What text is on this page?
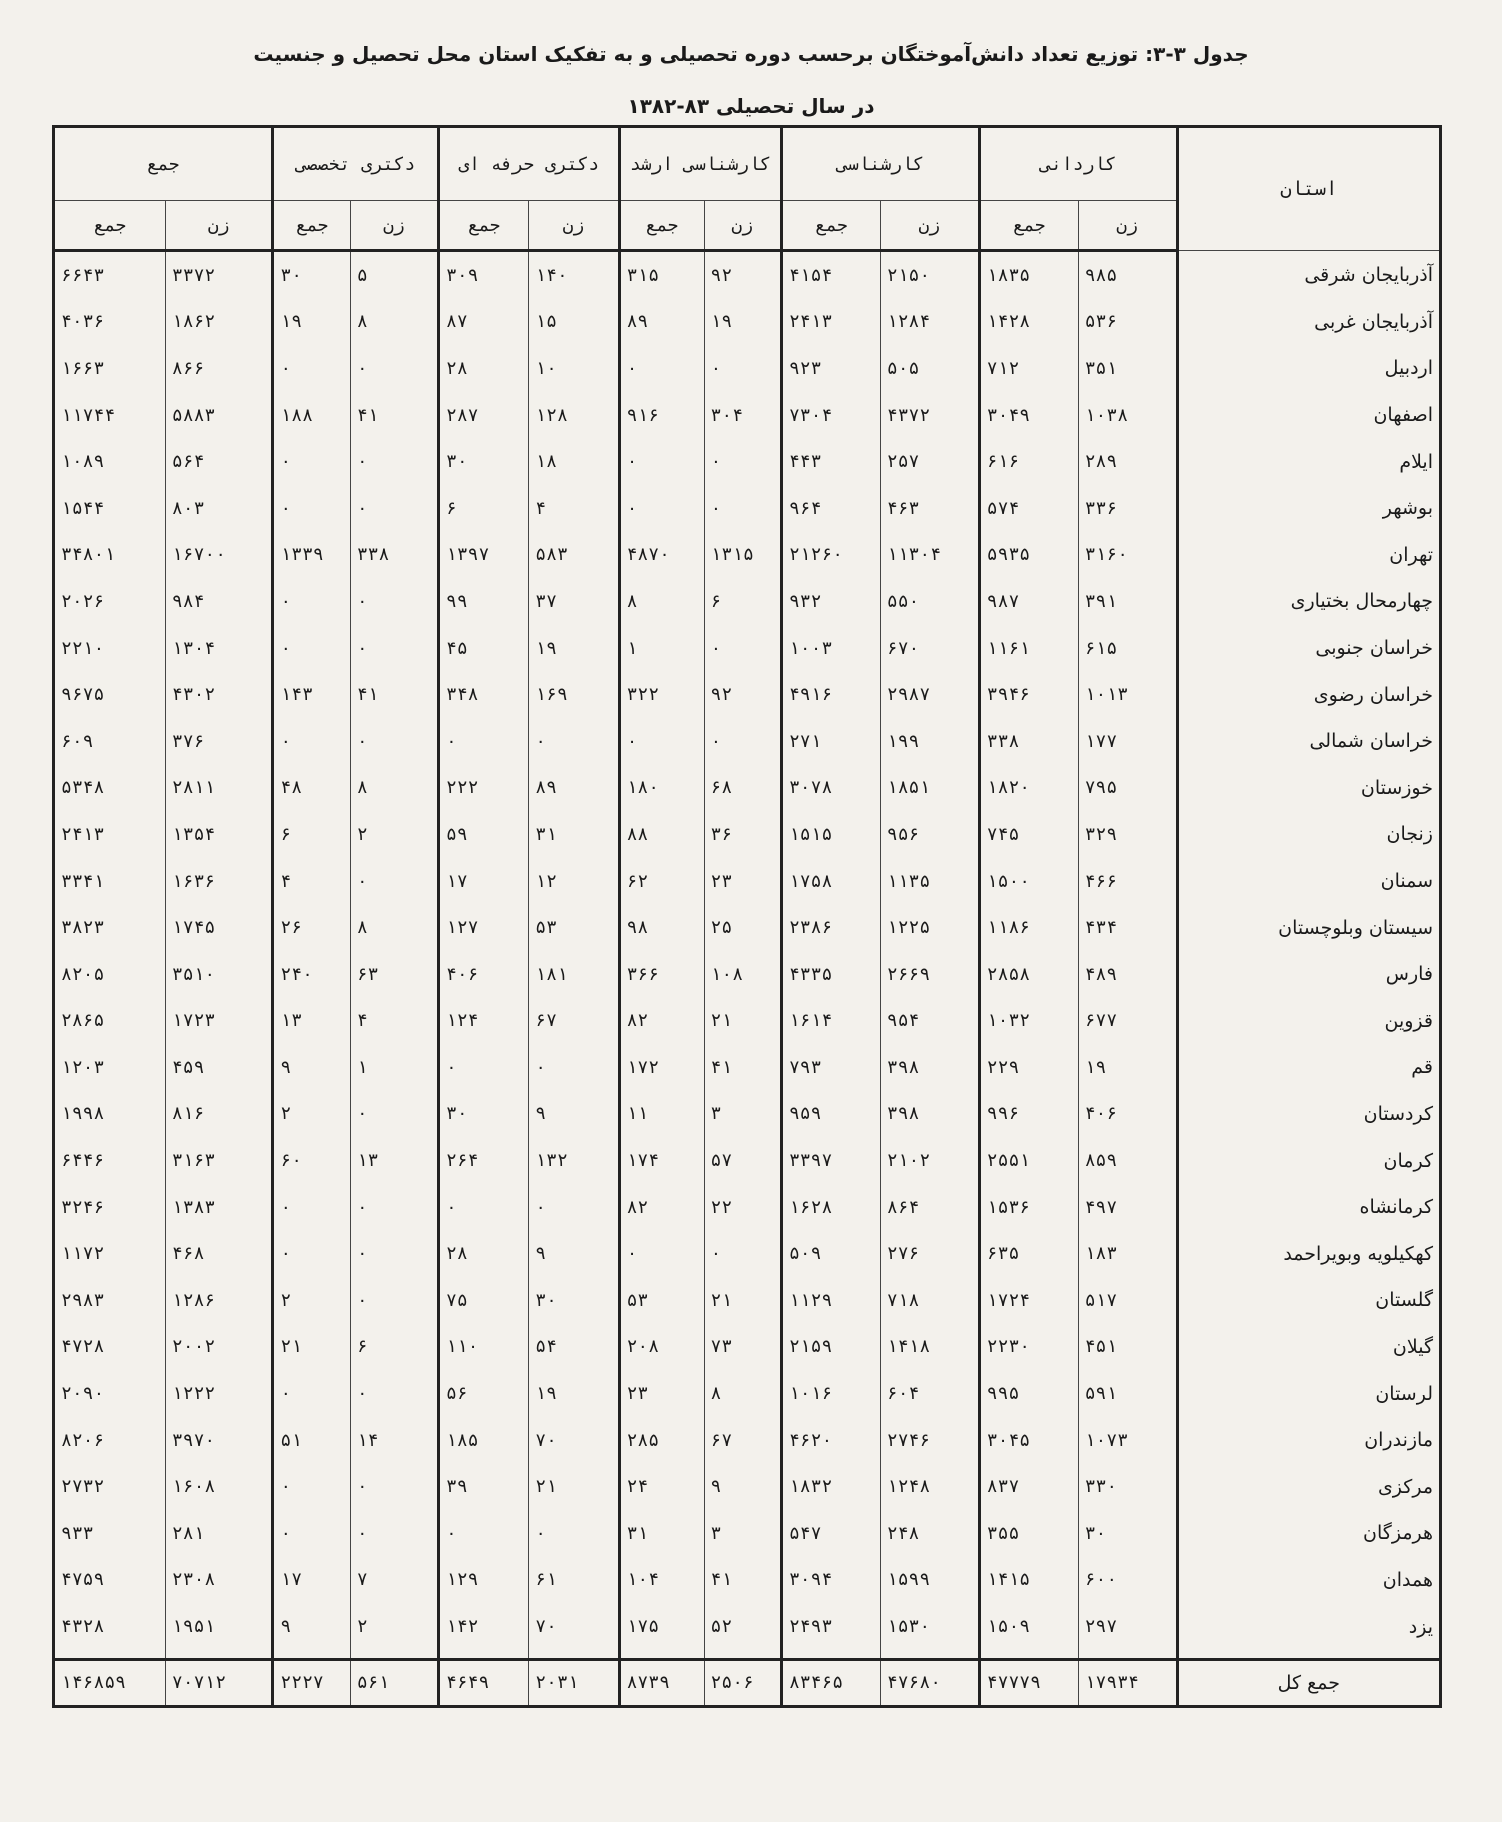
جدول ۳-۳: توزیع تعداد دانش‌آموختگان برحسب دوره تحصیلی و به تفکیک استان محل تحصیل و جنسیت
در سال تحصیلی ۸۳-۱۳۸۲
استان	کاردانی		کارشناسی		کارشناسی ارشد		دکتری حرفه ای		دکتری تخصصی		جمع	
	زن	جمع	زن	جمع	زن	جمع	زن	جمع	زن	جمع	زن	جمع
آذربایجان شرقی	۹۸۵	۱۸۳۵	۲۱۵۰	۴۱۵۴	۹۲	۳۱۵	۱۴۰	۳۰۹	۵	۳۰	۳۳۷۲	۶۶۴۳
آذربایجان غربی	۵۳۶	۱۴۲۸	۱۲۸۴	۲۴۱۳	۱۹	۸۹	۱۵	۸۷	۸	۱۹	۱۸۶۲	۴۰۳۶
اردبیل	۳۵۱	۷۱۲	۵۰۵	۹۲۳	۰	۰	۱۰	۲۸	۰	۰	۸۶۶	۱۶۶۳
اصفهان	۱۰۳۸	۳۰۴۹	۴۳۷۲	۷۳۰۴	۳۰۴	۹۱۶	۱۲۸	۲۸۷	۴۱	۱۸۸	۵۸۸۳	۱۱۷۴۴
ایلام	۲۸۹	۶۱۶	۲۵۷	۴۴۳	۰	۰	۱۸	۳۰	۰	۰	۵۶۴	۱۰۸۹
بوشهر	۳۳۶	۵۷۴	۴۶۳	۹۶۴	۰	۰	۴	۶	۰	۰	۸۰۳	۱۵۴۴
تهران	۳۱۶۰	۵۹۳۵	۱۱۳۰۴	۲۱۲۶۰	۱۳۱۵	۴۸۷۰	۵۸۳	۱۳۹۷	۳۳۸	۱۳۳۹	۱۶۷۰۰	۳۴۸۰۱
چهارمحال بختیاری	۳۹۱	۹۸۷	۵۵۰	۹۳۲	۶	۸	۳۷	۹۹	۰	۰	۹۸۴	۲۰۲۶
خراسان جنوبی	۶۱۵	۱۱۶۱	۶۷۰	۱۰۰۳	۰	۱	۱۹	۴۵	۰	۰	۱۳۰۴	۲۲۱۰
خراسان رضوی	۱۰۱۳	۳۹۴۶	۲۹۸۷	۴۹۱۶	۹۲	۳۲۲	۱۶۹	۳۴۸	۴۱	۱۴۳	۴۳۰۲	۹۶۷۵
خراسان شمالی	۱۷۷	۳۳۸	۱۹۹	۲۷۱	۰	۰	۰	۰	۰	۰	۳۷۶	۶۰۹
خوزستان	۷۹۵	۱۸۲۰	۱۸۵۱	۳۰۷۸	۶۸	۱۸۰	۸۹	۲۲۲	۸	۴۸	۲۸۱۱	۵۳۴۸
زنجان	۳۲۹	۷۴۵	۹۵۶	۱۵۱۵	۳۶	۸۸	۳۱	۵۹	۲	۶	۱۳۵۴	۲۴۱۳
سمنان	۴۶۶	۱۵۰۰	۱۱۳۵	۱۷۵۸	۲۳	۶۲	۱۲	۱۷	۰	۴	۱۶۳۶	۳۳۴۱
سیستان وبلوچستان	۴۳۴	۱۱۸۶	۱۲۲۵	۲۳۸۶	۲۵	۹۸	۵۳	۱۲۷	۸	۲۶	۱۷۴۵	۳۸۲۳
فارس	۴۸۹	۲۸۵۸	۲۶۶۹	۴۳۳۵	۱۰۸	۳۶۶	۱۸۱	۴۰۶	۶۳	۲۴۰	۳۵۱۰	۸۲۰۵
قزوین	۶۷۷	۱۰۳۲	۹۵۴	۱۶۱۴	۲۱	۸۲	۶۷	۱۲۴	۴	۱۳	۱۷۲۳	۲۸۶۵
قم	۱۹	۲۲۹	۳۹۸	۷۹۳	۴۱	۱۷۲	۰	۰	۱	۹	۴۵۹	۱۲۰۳
کردستان	۴۰۶	۹۹۶	۳۹۸	۹۵۹	۳	۱۱	۹	۳۰	۰	۲	۸۱۶	۱۹۹۸
کرمان	۸۵۹	۲۵۵۱	۲۱۰۲	۳۳۹۷	۵۷	۱۷۴	۱۳۲	۲۶۴	۱۳	۶۰	۳۱۶۳	۶۴۴۶
کرمانشاه	۴۹۷	۱۵۳۶	۸۶۴	۱۶۲۸	۲۲	۸۲	۰	۰	۰	۰	۱۳۸۳	۳۲۴۶
کهکیلویه وبویراحمد	۱۸۳	۶۳۵	۲۷۶	۵۰۹	۰	۰	۹	۲۸	۰	۰	۴۶۸	۱۱۷۲
گلستان	۵۱۷	۱۷۲۴	۷۱۸	۱۱۲۹	۲۱	۵۳	۳۰	۷۵	۰	۲	۱۲۸۶	۲۹۸۳
گیلان	۴۵۱	۲۲۳۰	۱۴۱۸	۲۱۵۹	۷۳	۲۰۸	۵۴	۱۱۰	۶	۲۱	۲۰۰۲	۴۷۲۸
لرستان	۵۹۱	۹۹۵	۶۰۴	۱۰۱۶	۸	۲۳	۱۹	۵۶	۰	۰	۱۲۲۲	۲۰۹۰
مازندران	۱۰۷۳	۳۰۴۵	۲۷۴۶	۴۶۲۰	۶۷	۲۸۵	۷۰	۱۸۵	۱۴	۵۱	۳۹۷۰	۸۲۰۶
مرکزی	۳۳۰	۸۳۷	۱۲۴۸	۱۸۳۲	۹	۲۴	۲۱	۳۹	۰	۰	۱۶۰۸	۲۷۳۲
هرمزگان	۳۰	۳۵۵	۲۴۸	۵۴۷	۳	۳۱	۰	۰	۰	۰	۲۸۱	۹۳۳
همدان	۶۰۰	۱۴۱۵	۱۵۹۹	۳۰۹۴	۴۱	۱۰۴	۶۱	۱۲۹	۷	۱۷	۲۳۰۸	۴۷۵۹
یزد	۲۹۷	۱۵۰۹	۱۵۳۰	۲۴۹۳	۵۲	۱۷۵	۷۰	۱۴۲	۲	۹	۱۹۵۱	۴۳۲۸
جمع کل	۱۷۹۳۴	۴۷۷۷۹	۴۷۶۸۰	۸۳۴۶۵	۲۵۰۶	۸۷۳۹	۲۰۳۱	۴۶۴۹	۵۶۱	۲۲۲۷	۷۰۷۱۲	۱۴۶۸۵۹
